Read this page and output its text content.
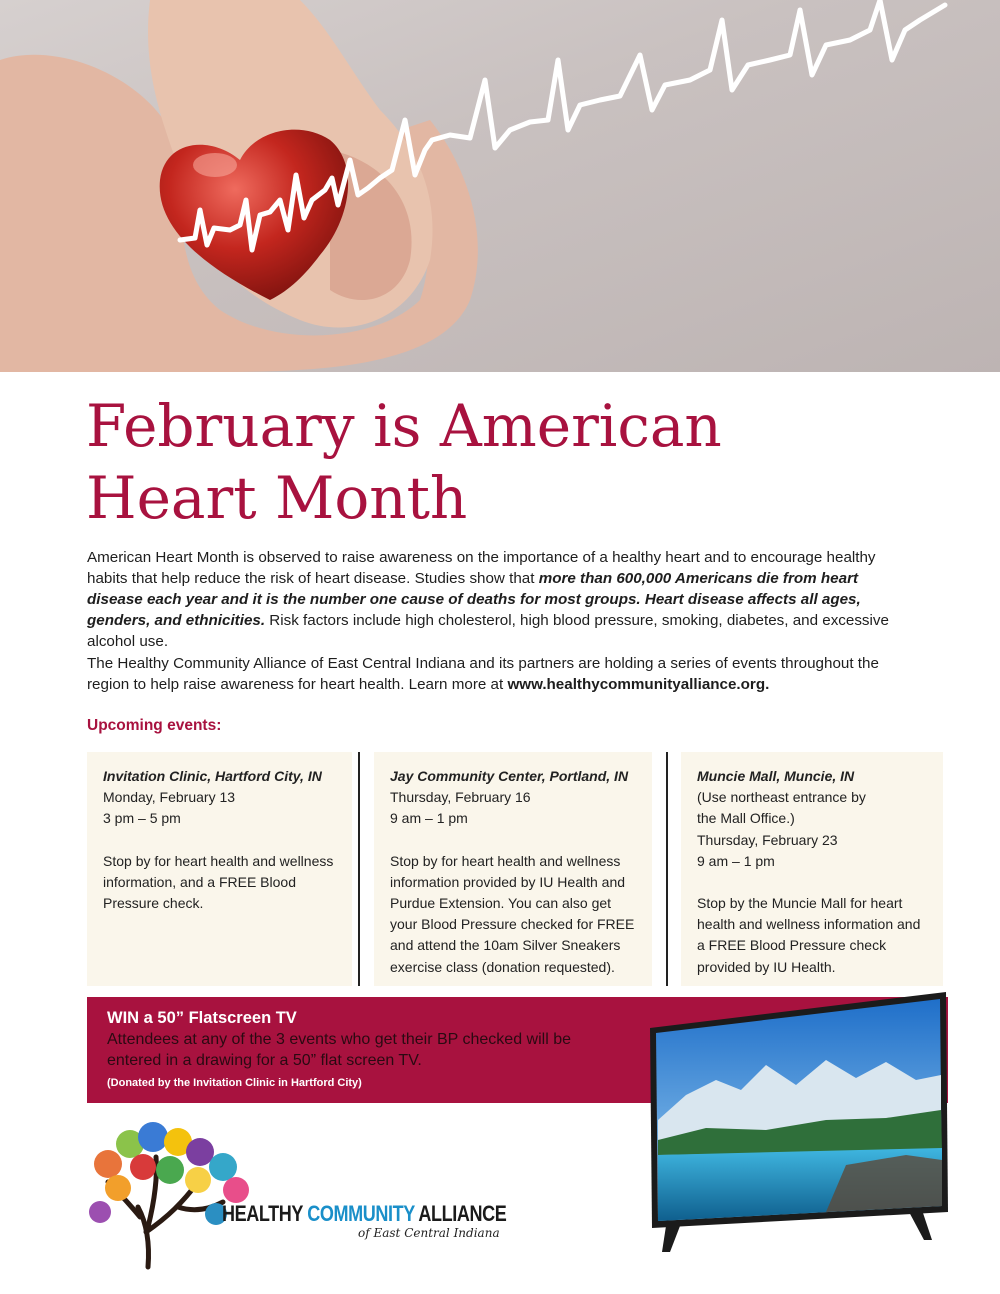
February is American
Heart Month

American Heart Month is observed to raise awareness on the importance of a healthy heart and to encourage healthy habits that help reduce the risk of heart disease. Studies show that more than 600,000 Americans die from heart disease each year and it is the number one cause of deaths for most groups. Heart disease affects all ages, genders, and ethnicities. Risk factors include high cholesterol, high blood pressure, smoking, diabetes, and excessive alcohol use.

The Healthy Community Alliance of East Central Indiana and its partners are holding a series of events throughout the region to help raise awareness for heart health. Learn more at www.healthycommunityalliance.org.

Upcoming events:
Invitation Clinic, Hartford City, IN
Monday, February 13
3 pm – 5 pm
Stop by for heart health and wellness information, and a FREE Blood Pressure check.
Jay Community Center, Portland, IN
Thursday, February 16
9 am – 1 pm
Stop by for heart health and wellness information provided by IU Health and Purdue Extension. You can also get your Blood Pressure checked for FREE and attend the 10am Silver Sneakers exercise class (donation requested).
Muncie Mall, Muncie, IN
(Use northeast entrance by the Mall Office.)
Thursday, February 23
9 am – 1 pm
Stop by the Muncie Mall for heart health and wellness information and a FREE Blood Pressure check provided by IU Health.

WIN a 50” Flatscreen TV

Attendees at any of the 3 events who get their BP checked will be entered in a drawing for a 50” flat screen TV.

(Donated by the Invitation Clinic in Hartford City)

HEALTHY COMMUNITY ALLIANCE

of East Central Indiana
